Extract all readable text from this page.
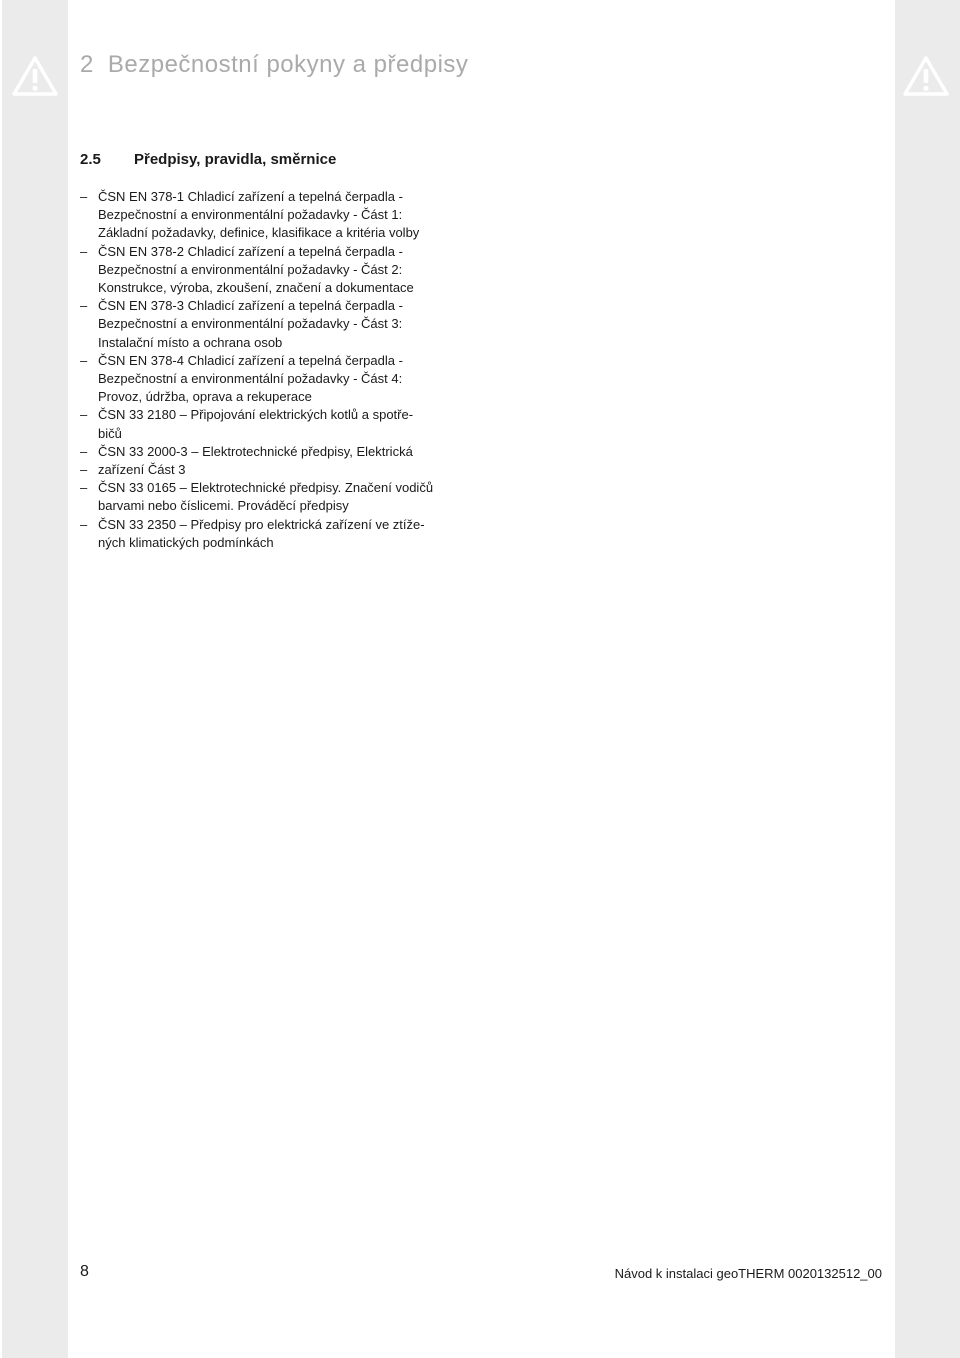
2 Bezpečnostní pokyny a předpisy
2.5 Předpisy, pravidla, směrnice
– ČSN EN 378-1 Chladicí zařízení a tepelná čerpadla -
Bezpečnostní a environmentální požadavky - Část 1:
Základní požadavky, definice, klasifikace a kritéria volby
– ČSN EN 378-2 Chladicí zařízení a tepelná čerpadla -
Bezpečnostní a environmentální požadavky - Část 2:
Konstrukce, výroba, zkoušení, značení a dokumentace
– ČSN EN 378-3 Chladicí zařízení a tepelná čerpadla -
Bezpečnostní a environmentální požadavky - Část 3:
Instalační místo a ochrana osob
– ČSN EN 378-4 Chladicí zařízení a tepelná čerpadla -
Bezpečnostní a environmentální požadavky - Část 4:
Provoz, údržba, oprava a rekuperace
– ČSN 33 2180 – Připojování elektrických kotlů a spotře-
bičů
– ČSN 33 2000-3 – Elektrotechnické předpisy, Elektrická
– zařízení Část 3
– ČSN 33 0165 – Elektrotechnické předpisy. Značení vodičů
barvami nebo číslicemi. Prováděcí předpisy
– ČSN 33 2350 – Předpisy pro elektrická zařízení ve ztíže-
ných klimatických podmínkách
8	Návod k instalaci geoTHERM 0020132512_00
